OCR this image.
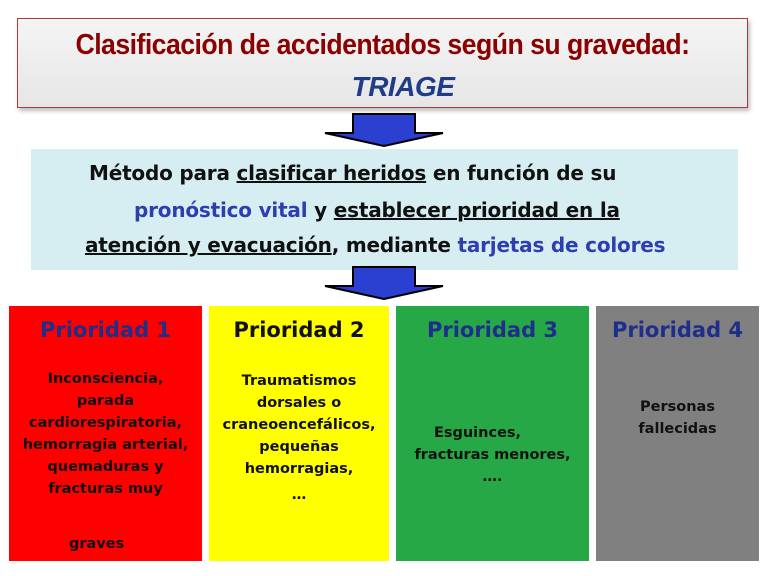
Clasificación de accidentados según su gravedad:
TRIAGE
Método para clasificar heridos en función de su
pronóstico vital y establecer prioridad en la
atención y evacuación, mediante tarjetas de colores
Prioridad 1
Inconsciencia,
parada
cardiorespiratoria,
hemorragia arterial,
quemaduras y
fracturas muy
graves
Prioridad 2
Traumatismos
dorsales o
craneoencefálicos,
pequeñas
hemorragias,
…
Prioridad 3
Esguinces,
fracturas menores,
….
Prioridad 4
Personas
fallecidas
